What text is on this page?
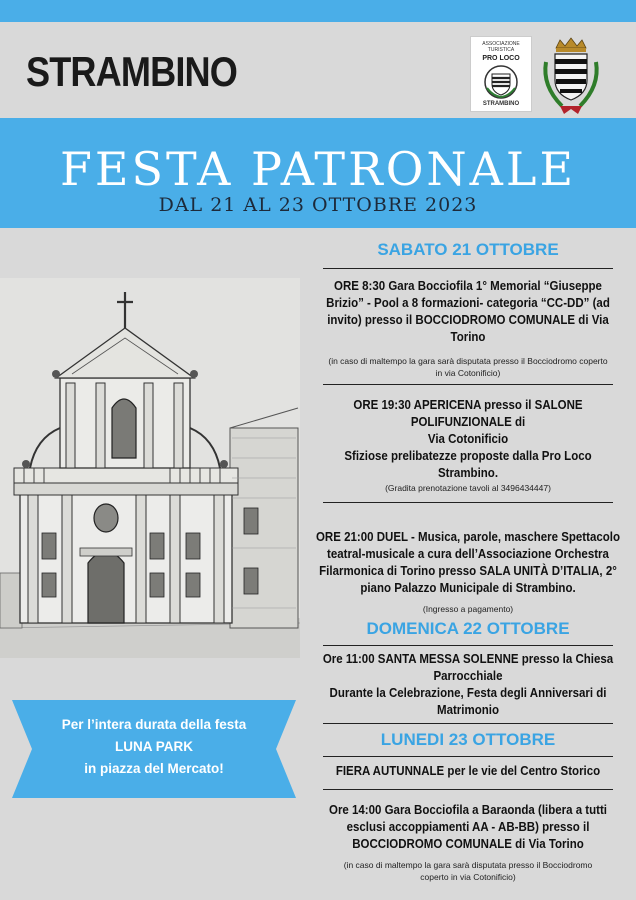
STRAMBINO
ASSOCIAZIONE TURISTICA
PRO LOCO
STRAMBINO
FESTA PATRONALE
DAL 21 AL 23 OTTOBRE 2023
SABATO 21 OTTOBRE
ORE 8:30 Gara Bocciofila 1° Memorial “Giuseppe
Brizio” - Pool a 8 formazioni- categoria “CC-DD” (ad
invito) presso il BOCCIODROMO COMUNALE di Via Torino
(in caso di maltempo la gara sarà disputata presso il Bocciodromo coperto
in via Cotonificio)
ORE 19:30 APERICENA presso il SALONE POLIFUNZIONALE di
Via Cotonificio
Sfiziose prelibatezze proposte dalla Pro Loco
Strambino.
(Gradita prenotazione tavoli al 3496434447)
ORE 21:00 DUEL - Musica, parole, maschere Spettacolo
teatral-musicale a cura dell’Associazione Orchestra
Filarmonica di Torino presso SALA UNITÀ D’ITALIA, 2°
piano Palazzo Municipale di Strambino.
(Ingresso a pagamento)
DOMENICA 22 OTTOBRE
Ore 11:00 SANTA MESSA SOLENNE presso la Chiesa
Parrocchiale
Durante la Celebrazione, Festa degli Anniversari di
Matrimonio
LUNEDI 23 OTTOBRE
FIERA AUTUNNALE per le vie del Centro Storico
Ore 14:00 Gara Bocciofila a Baraonda (libera a tutti
esclusi accoppiamenti AA - AB-BB) presso il
BOCCIODROMO COMUNALE di Via Torino
(in caso di maltempo la gara sarà disputata presso il Bocciodromo
coperto in via Cotonificio)
Per l’intera durata della festa
LUNA PARK
in piazza del Mercato!
